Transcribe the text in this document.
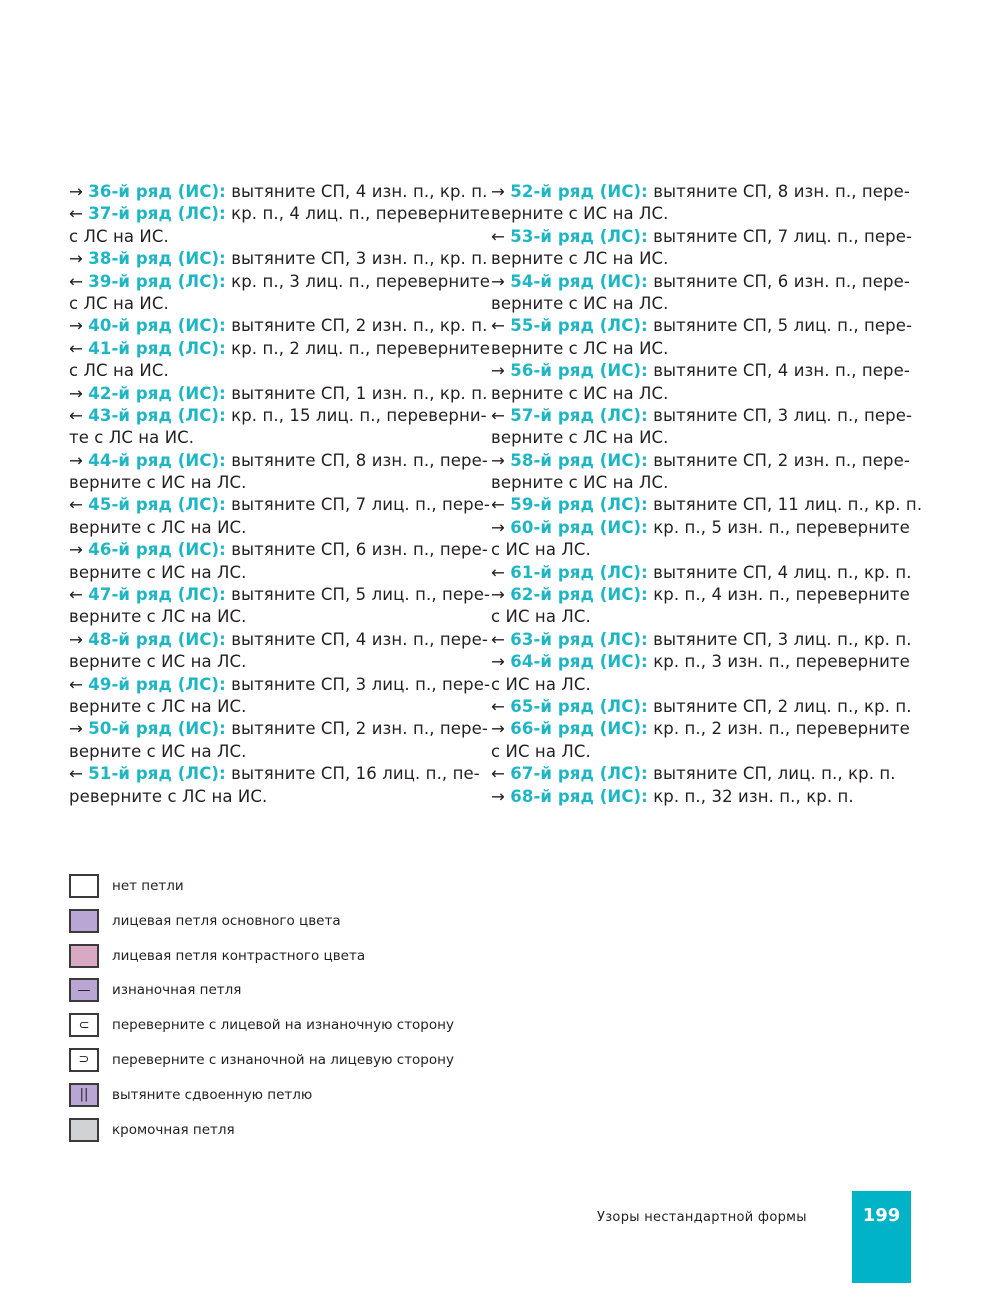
→ 36-й ряд (ИС): вытяните СП, 4 изн. п., кр. п.
← 37-й ряд (ЛС): кр. п., 4 лиц. п., переверните
с ЛС на ИС.
→ 38-й ряд (ИС): вытяните СП, 3 изн. п., кр. п.
← 39-й ряд (ЛС): кр. п., 3 лиц. п., переверните
с ЛС на ИС.
→ 40-й ряд (ИС): вытяните СП, 2 изн. п., кр. п.
← 41-й ряд (ЛС): кр. п., 2 лиц. п., переверните
с ЛС на ИС.
→ 42-й ряд (ИС): вытяните СП, 1 изн. п., кр. п.
← 43-й ряд (ЛС): кр. п., 15 лиц. п., переверни-
те с ЛС на ИС.
→ 44-й ряд (ИС): вытяните СП, 8 изн. п., пере-
верните с ИС на ЛС.
← 45-й ряд (ЛС): вытяните СП, 7 лиц. п., пере-
верните с ЛС на ИС.
→ 46-й ряд (ИС): вытяните СП, 6 изн. п., пере-
верните с ИС на ЛС.
← 47-й ряд (ЛС): вытяните СП, 5 лиц. п., пере-
верните с ЛС на ИС.
→ 48-й ряд (ИС): вытяните СП, 4 изн. п., пере-
верните с ИС на ЛС.
← 49-й ряд (ЛС): вытяните СП, 3 лиц. п., пере-
верните с ЛС на ИС.
→ 50-й ряд (ИС): вытяните СП, 2 изн. п., пере-
верните с ИС на ЛС.
← 51-й ряд (ЛС): вытяните СП, 16 лиц. п., пе-
реверните с ЛС на ИС.
→ 52-й ряд (ИС): вытяните СП, 8 изн. п., пере-
верните с ИС на ЛС.
← 53-й ряд (ЛС): вытяните СП, 7 лиц. п., пере-
верните с ЛС на ИС.
→ 54-й ряд (ИС): вытяните СП, 6 изн. п., пере-
верните с ИС на ЛС.
← 55-й ряд (ЛС): вытяните СП, 5 лиц. п., пере-
верните с ЛС на ИС.
→ 56-й ряд (ИС): вытяните СП, 4 изн. п., пере-
верните с ИС на ЛС.
← 57-й ряд (ЛС): вытяните СП, 3 лиц. п., пере-
верните с ЛС на ИС.
→ 58-й ряд (ИС): вытяните СП, 2 изн. п., пере-
верните с ИС на ЛС.
← 59-й ряд (ЛС): вытяните СП, 11 лиц. п., кр. п.
→ 60-й ряд (ИС): кр. п., 5 изн. п., переверните
с ИС на ЛС.
← 61-й ряд (ЛС): вытяните СП, 4 лиц. п., кр. п.
→ 62-й ряд (ИС): кр. п., 4 изн. п., переверните
с ИС на ЛС.
← 63-й ряд (ЛС): вытяните СП, 3 лиц. п., кр. п.
→ 64-й ряд (ИС): кр. п., 3 изн. п., переверните
с ИС на ЛС.
← 65-й ряд (ЛС): вытяните СП, 2 лиц. п., кр. п.
→ 66-й ряд (ИС): кр. п., 2 изн. п., переверните
с ИС на ЛС.
← 67-й ряд (ЛС): вытяните СП, лиц. п., кр. п.
→ 68-й ряд (ИС): кр. п., 32 изн. п., кр. п.
нет петли
лицевая петля основного цвета
лицевая петля контрастного цвета
—	изнаночная петля
⊂	переверните с лицевой на изнаночную сторону
⊃	переверните с изнаночной на лицевую сторону
||	вытяните сдвоенную петлю
кромочная петля
Узоры нестандартной формы	199
